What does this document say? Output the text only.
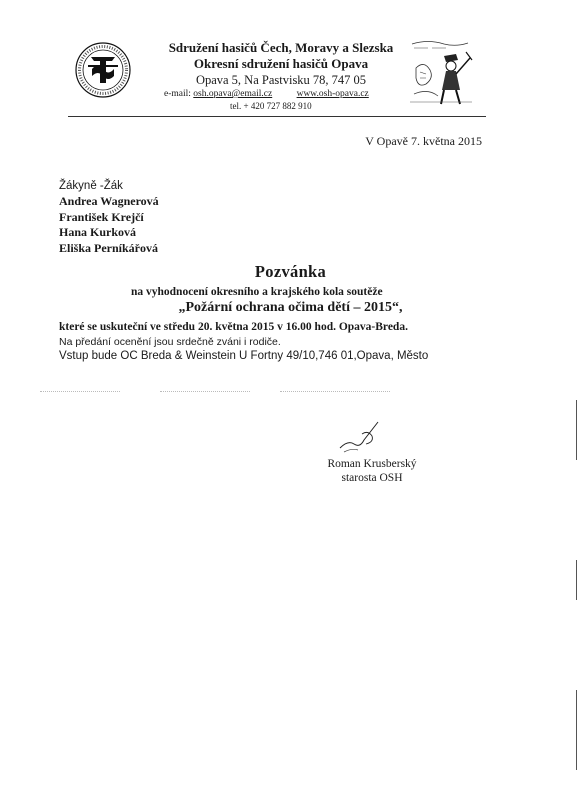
Sdružení hasičů Čech, Moravy a Slezska
Okresní sdružení hasičů Opava
Opava 5, Na Pastvisku 78, 747 05
e-mail: osh.opava@email.cz	www.osh-opava.cz
tel. + 420 727 882 910
V Opavě 7. května 2015
Žákyně -Žák
Andrea Wagnerová
František Krejčí
Hana Kurková
Eliška Perníkářová
Pozvánka
na vyhodnocení okresního a krajského kola soutěže
„Požární ochrana očima dětí – 2015“,
které se uskuteční ve středu 20. května 2015 v 16.00 hod. Opava-Breda.
Na předání ocenění jsou srdečně zváni i rodiče.
Vstup bude OC Breda & Weinstein U Fortny 49/10,746 01,Opava, Město
Roman Krusberský
starosta OSH
